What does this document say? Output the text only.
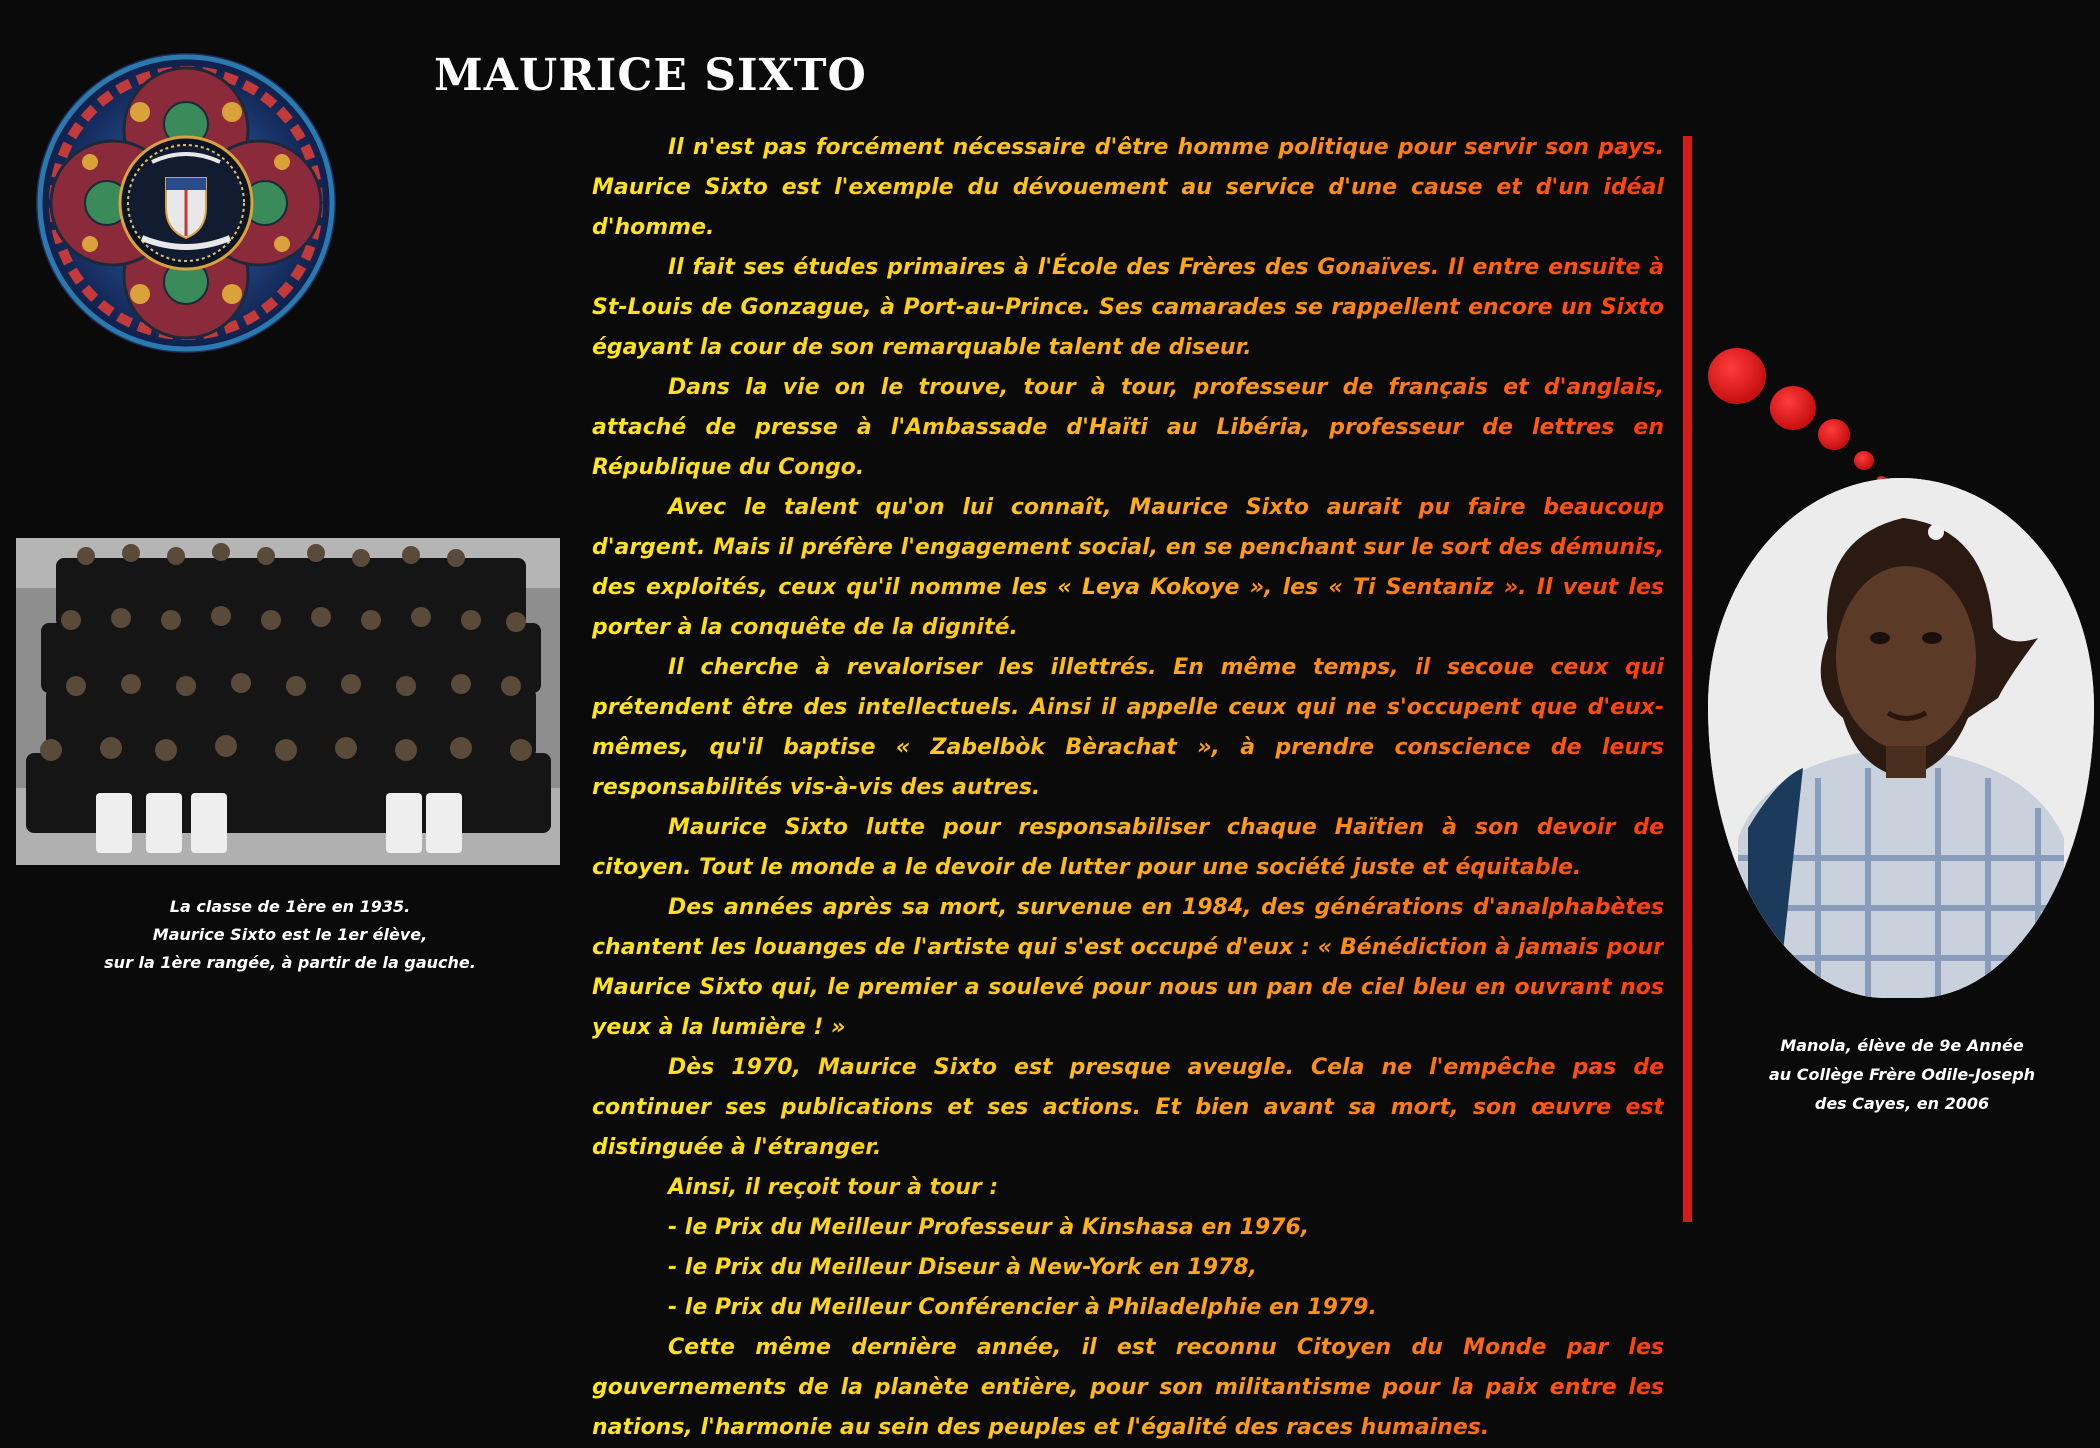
MAURICE SIXTO
La classe de 1ère en 1935.
Maurice Sixto est le 1er élève,
sur la 1ère rangée, à partir de la gauche.

Il n'est pas forcément nécessaire d'être homme politique pour servir son pays. Maurice Sixto est l'exemple du dévouement au service d'une cause et d'un idéal d'homme.

Il fait ses études primaires à l'École des Frères des Gonaïves. Il entre ensuite à St-Louis de Gonzague, à Port-au-Prince. Ses camarades se rappellent encore un Sixto égayant la cour de son remarquable talent de diseur.

Dans la vie on le trouve, tour à tour, professeur de français et d'anglais, attaché de presse à l'Ambassade d'Haïti au Libéria, professeur de lettres en République du Congo.

Avec le talent qu'on lui connaît, Maurice Sixto aurait pu faire beaucoup d'argent. Mais il préfère l'engagement social, en se penchant sur le sort des démunis, des exploités, ceux qu'il nomme les « Leya Kokoye », les « Ti Sentaniz ». Il veut les porter à la conquête de la dignité.

Il cherche à revaloriser les illettrés. En même temps, il secoue ceux qui prétendent être des intellectuels. Ainsi il appelle ceux qui ne s'occupent que d'eux-mêmes, qu'il baptise « Zabelbòk Bèrachat », à prendre conscience de leurs responsabilités vis-à-vis des autres.

Maurice Sixto lutte pour responsabiliser chaque Haïtien à son devoir de citoyen. Tout le monde a le devoir de lutter pour une société juste et équitable.

Des années après sa mort, survenue en 1984, des générations d'analphabètes chantent les louanges de l'artiste qui s'est occupé d'eux : « Bénédiction à jamais pour Maurice Sixto qui, le premier a soulevé pour nous un pan de ciel bleu en ouvrant nos yeux à la lumière ! »

Dès 1970, Maurice Sixto est presque aveugle. Cela ne l'empêche pas de continuer ses publications et ses actions. Et bien avant sa mort, son œuvre est distinguée à l'étranger.

Ainsi, il reçoit tour à tour :

- le Prix du Meilleur Professeur à Kinshasa en 1976,

- le Prix du Meilleur Diseur à New-York en 1978,

- le Prix du Meilleur Conférencier à Philadelphie en 1979.

Cette même dernière année, il est reconnu Citoyen du Monde par les gouvernements de la planète entière, pour son militantisme pour la paix entre les nations, l'harmonie au sein des peuples et l'égalité des races humaines.

Manola, élève de 9e Année
au Collège Frère Odile-Joseph
des Cayes, en 2006
